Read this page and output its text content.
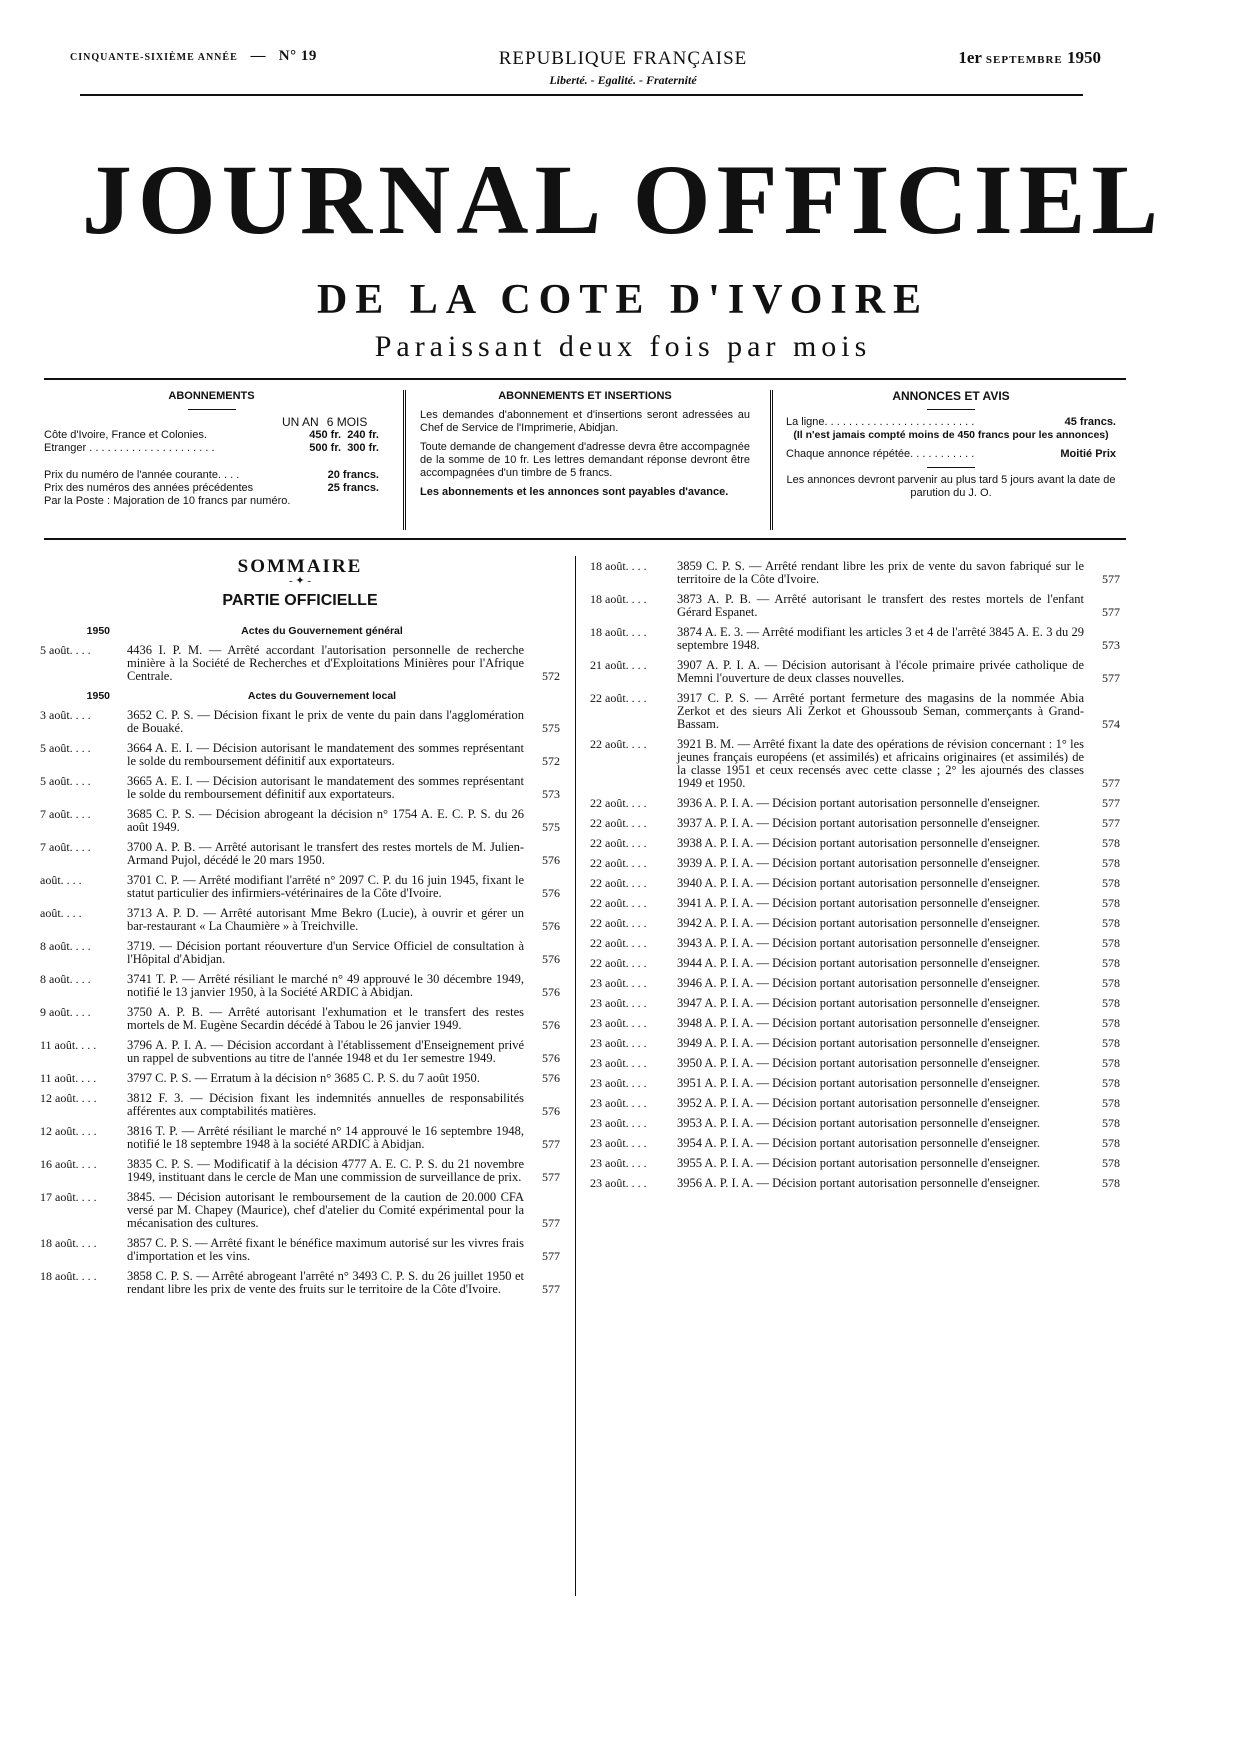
CINQUANTE-SIXIÈME ANNÉE   —   N° 19	REPUBLIQUE FRANÇAISE
Liberté. - Egalité. - Fraternité
1er SEPTEMBRE 1950
JOURNAL OFFICIEL
DE LA COTE D'IVOIRE
Paraissant deux fois par mois
ABONNEMENTS
UN AN 6 MOIS
Côte d'Ivoire, France et Colonies.	450 fr. 240 fr.
Etranger . . . . . . . . . . . . . . . . . . . . .	500 fr. 300 fr.
Prix du numéro de l'année courante. . . .	20 francs.
Prix des numéros des années précédentes	25 francs.
Par la Poste : Majoration de 10 francs par numéro.
ABONNEMENTS ET INSERTIONS
Les demandes d'abonnement et d'insertions seront adressées au Chef de Service de l'Imprimerie, Abidjan.
Toute demande de changement d'adresse devra être accompagnée de la somme de 10 fr. Les lettres demandant réponse devront être accompagnées d'un timbre de 5 francs.
Les abonnements et les annonces sont payables d'avance.
ANNONCES ET AVIS
La ligne. . . . . . . . . . . . . . . . . . . . . . . . .	45 francs.
(Il n'est jamais compté moins de 450 francs pour les annonces)
Chaque annonce répétée. . . . . . . . . . .	Moitié Prix
Les annonces devront parvenir au plus tard 5 jours avant la date de parution du J. O.
SOMMAIRE
- ✦ -
PARTIE OFFICIELLE
1950	Actes du Gouvernement général
5 août. . . .	4436 I. P. M. — Arrêté accordant l'autorisation personnelle de recherche minière à la Société de Recherches et d'Exploitations Minières pour l'Afrique Centrale.	572
1950	Actes du Gouvernement local
3 août. . . .	3652 C. P. S. — Décision fixant le prix de vente du pain dans l'agglomération de Bouaké.	575
5 août. . . .	3664 A. E. I. — Décision autorisant le mandatement des sommes représentant le solde du remboursement définitif aux exportateurs.	572
5 août. . . .	3665 A. E. I. — Décision autorisant le mandatement des sommes représentant le solde du remboursement définitif aux exportateurs.	573
7 août. . . .	3685 C. P. S. — Décision abrogeant la décision n° 1754 A. E. C. P. S. du 26 août 1949.	575
7 août. . . .	3700 A. P. B. — Arrêté autorisant le transfert des restes mortels de M. Julien-Armand Pujol, décédé le 20 mars 1950.	576
août. . . .	3701 C. P. — Arrêté modifiant l'arrêté n° 2097 C. P. du 16 juin 1945, fixant le statut particulier des infirmiers-vétérinaires de la Côte d'Ivoire.	576
août. . . .	3713 A. P. D. — Arrêté autorisant Mme Bekro (Lucie), à ouvrir et gérer un bar-restaurant « La Chaumière » à Treichville.	576
8 août. . . .	3719. — Décision portant réouverture d'un Service Officiel de consultation à l'Hôpital d'Abidjan.	576
8 août. . . .	3741 T. P. — Arrêté résiliant le marché n° 49 approuvé le 30 décembre 1949, notifié le 13 janvier 1950, à la Société ARDIC à Abidjan.	576
9 août. . . .	3750 A. P. B. — Arrêté autorisant l'exhumation et le transfert des restes mortels de M. Eugène Secardin décédé à Tabou le 26 janvier 1949.	576
11 août. . . .	3796 A. P. I. A. — Décision accordant à l'établissement d'Enseignement privé un rappel de subventions au titre de l'année 1948 et du 1er semestre 1949.	576
11 août. . . .	3797 C. P. S. — Erratum à la décision n° 3685 C. P. S. du 7 août 1950.	576
12 août. . . .	3812 F. 3. — Décision fixant les indemnités annuelles de responsabilités afférentes aux comptabilités matières.	576
12 août. . . .	3816 T. P. — Arrêté résiliant le marché n° 14 approuvé le 16 septembre 1948, notifié le 18 septembre 1948 à la société ARDIC à Abidjan.	577
16 août. . . .	3835 C. P. S. — Modificatif à la décision 4777 A. E. C. P. S. du 21 novembre 1949, instituant dans le cercle de Man une commission de surveillance de prix.	577
17 août. . . .	3845. — Décision autorisant le remboursement de la caution de 20.000 CFA versé par M. Chapey (Maurice), chef d'atelier du Comité expérimental pour la mécanisation des cultures.	577
18 août. . . .	3857 C. P. S. — Arrêté fixant le bénéfice maximum autorisé sur les vivres frais d'importation et les vins.	577
18 août. . . .	3858 C. P. S. — Arrêté abrogeant l'arrêté n° 3493 C. P. S. du 26 juillet 1950 et rendant libre les prix de vente des fruits sur le territoire de la Côte d'Ivoire.	577
18 août. . . .	3859 C. P. S. — Arrêté rendant libre les prix de vente du savon fabriqué sur le territoire de la Côte d'Ivoire.	577
18 août. . . .	3873 A. P. B. — Arrêté autorisant le transfert des restes mortels de l'enfant Gérard Espanet.	577
18 août. . . .	3874 A. E. 3. — Arrêté modifiant les articles 3 et 4 de l'arrêté 3845 A. E. 3 du 29 septembre 1948.	573
21 août. . . .	3907 A. P. I. A. — Décision autorisant à l'école primaire privée catholique de Memni l'ouverture de deux classes nouvelles.	577
22 août. . . .	3917 C. P. S. — Arrêté portant fermeture des magasins de la nommée Abia Zerkot et des sieurs Ali Zerkot et Ghoussoub Seman, commerçants à Grand-Bassam.	574
22 août. . . .	3921 B. M. — Arrêté fixant la date des opérations de révision concernant : 1° les jeunes français européens (et assimilés) et africains originaires (et assimilés) de la classe 1951 et ceux recensés avec cette classe ; 2° les ajournés des classes 1949 et 1950.	577
22 août. . . .	3936 A. P. I. A. — Décision portant autorisation personnelle d'enseigner.	577
22 août. . . .	3937 A. P. I. A. — Décision portant autorisation personnelle d'enseigner.	577
22 août. . . .	3938 A. P. I. A. — Décision portant autorisation personnelle d'enseigner.	578
22 août. . . .	3939 A. P. I. A. — Décision portant autorisation personnelle d'enseigner.	578
22 août. . . .	3940 A. P. I. A. — Décision portant autorisation personnelle d'enseigner.	578
22 août. . . .	3941 A. P. I. A. — Décision portant autorisation personnelle d'enseigner.	578
22 août. . . .	3942 A. P. I. A. — Décision portant autorisation personnelle d'enseigner.	578
22 août. . . .	3943 A. P. I. A. — Décision portant autorisation personnelle d'enseigner.	578
22 août. . . .	3944 A. P. I. A. — Décision portant autorisation personnelle d'enseigner.	578
23 août. . . .	3946 A. P. I. A. — Décision portant autorisation personnelle d'enseigner.	578
23 août. . . .	3947 A. P. I. A. — Décision portant autorisation personnelle d'enseigner.	578
23 août. . . .	3948 A. P. I. A. — Décision portant autorisation personnelle d'enseigner.	578
23 août. . . .	3949 A. P. I. A. — Décision portant autorisation personnelle d'enseigner.	578
23 août. . . .	3950 A. P. I. A. — Décision portant autorisation personnelle d'enseigner.	578
23 août. . . .	3951 A. P. I. A. — Décision portant autorisation personnelle d'enseigner.	578
23 août. . . .	3952 A. P. I. A. — Décision portant autorisation personnelle d'enseigner.	578
23 août. . . .	3953 A. P. I. A. — Décision portant autorisation personnelle d'enseigner.	578
23 août. . . .	3954 A. P. I. A. — Décision portant autorisation personnelle d'enseigner.	578
23 août. . . .	3955 A. P. I. A. — Décision portant autorisation personnelle d'enseigner.	578
23 août. . . .	3956 A. P. I. A. — Décision portant autorisation personnelle d'enseigner.	578
